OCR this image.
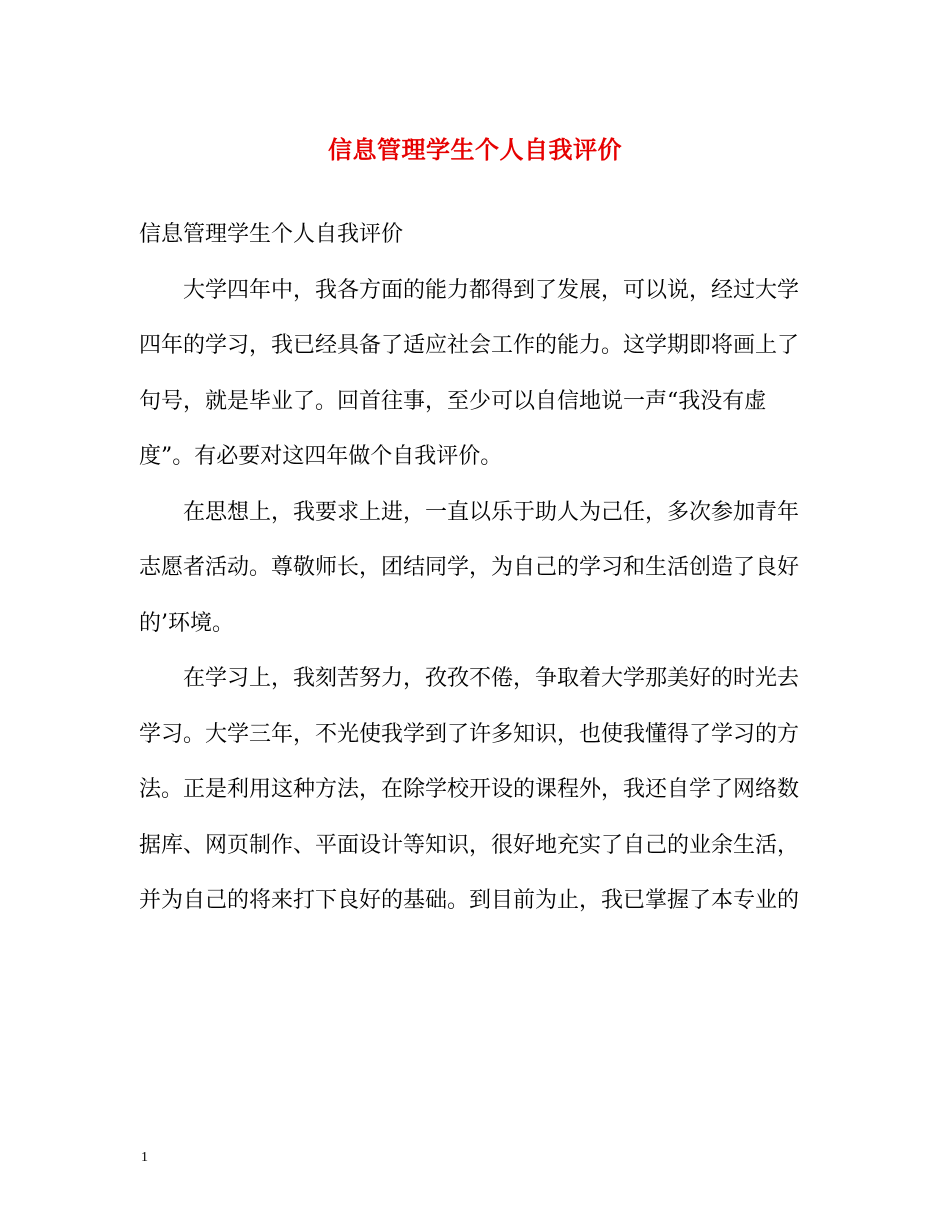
信息管理学生个人自我评价
信息管理学生个人自我评价
大学四年中，我各方面的能力都得到了发展，可以说，经过大学
四年的学习，我已经具备了适应社会工作的能力。这学期即将画上了
句号，就是毕业了。回首往事，至少可以自信地说一声“我没有虚
度”。有必要对这四年做个自我评价。
在思想上，我要求上进，一直以乐于助人为己任，多次参加青年
志愿者活动。尊敬师长，团结同学，为自己的学习和生活创造了良好
的’环境。
在学习上，我刻苦努力，孜孜不倦，争取着大学那美好的时光去
学习。大学三年，不光使我学到了许多知识，也使我懂得了学习的方
法。正是利用这种方法，在除学校开设的课程外，我还自学了网络数
据库、网页制作、平面设计等知识，很好地充实了自己的业余生活，
并为自己的将来打下良好的基础。到目前为止，我已掌握了本专业的
1
